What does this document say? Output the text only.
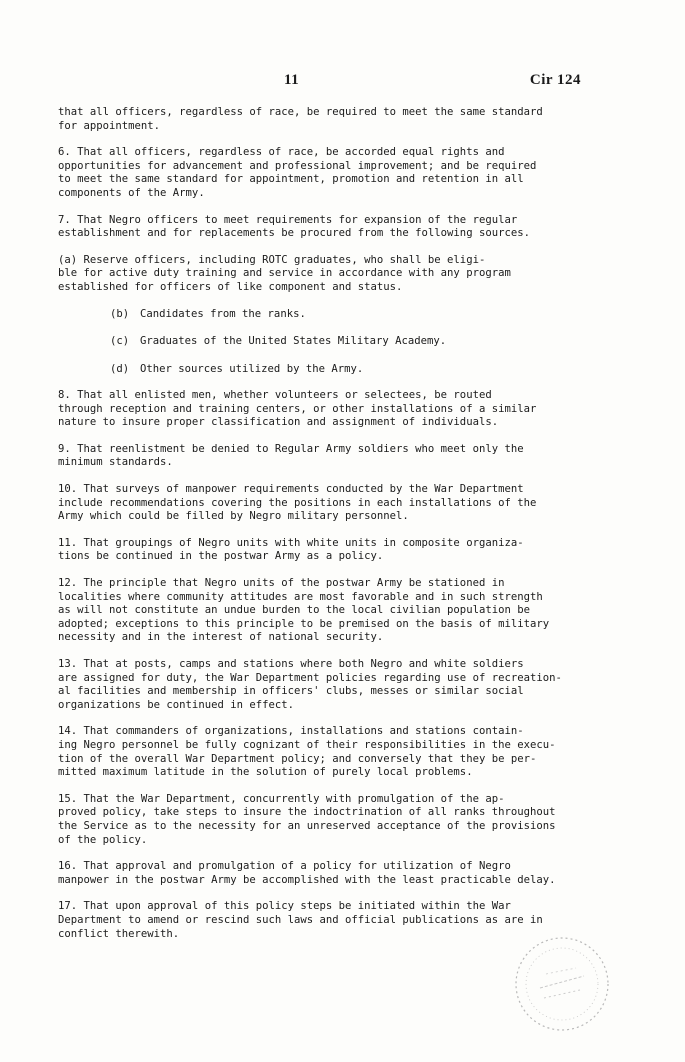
11	Cir 124

that all officers, regardless of race, be required to meet the same standard
for appointment.

6. That all officers, regardless of race, be accorded equal rights and
opportunities for advancement and professional improvement; and be required
to meet the same standard for appointment, promotion and retention in all
components of the Army.

7. That Negro officers to meet requirements for expansion of the regular
establishment and for replacements be procured from the following sources.

(a) Reserve officers, including ROTC graduates, who shall be eligi-
ble for active duty training and service in accordance with any program
established for officers of like component and status.

(b) Candidates from the ranks.

(c) Graduates of the United States Military Academy.

(d) Other sources utilized by the Army.

8. That all enlisted men, whether volunteers or selectees, be routed
through reception and training centers, or other installations of a similar
nature to insure proper classification and assignment of individuals.

9. That reenlistment be denied to Regular Army soldiers who meet only the
minimum standards.

10. That surveys of manpower requirements conducted by the War Department
include recommendations covering the positions in each installations of the
Army which could be filled by Negro military personnel.

11. That groupings of Negro units with white units in composite organiza-
tions be continued in the postwar Army as a policy.

12. The principle that Negro units of the postwar Army be stationed in
localities where community attitudes are most favorable and in such strength
as will not constitute an undue burden to the local civilian population be
adopted; exceptions to this principle to be premised on the basis of military
necessity and in the interest of national security.

13. That at posts, camps and stations where both Negro and white soldiers
are assigned for duty, the War Department policies regarding use of recreation-
al facilities and membership in officers' clubs, messes or similar social
organizations be continued in effect.

14. That commanders of organizations, installations and stations contain-
ing Negro personnel be fully cognizant of their responsibilities in the execu-
tion of the overall War Department policy; and conversely that they be per-
mitted maximum latitude in the solution of purely local problems.

15. That the War Department, concurrently with promulgation of the ap-
proved policy, take steps to insure the indoctrination of all ranks throughout
the Service as to the necessity for an unreserved acceptance of the provisions
of the policy.

16. That approval and promulgation of a policy for utilization of Negro
manpower in the postwar Army be accomplished with the least practicable delay.

17. That upon approval of this policy steps be initiated within the War
Department to amend or rescind such laws and official publications as are in
conflict therewith.
